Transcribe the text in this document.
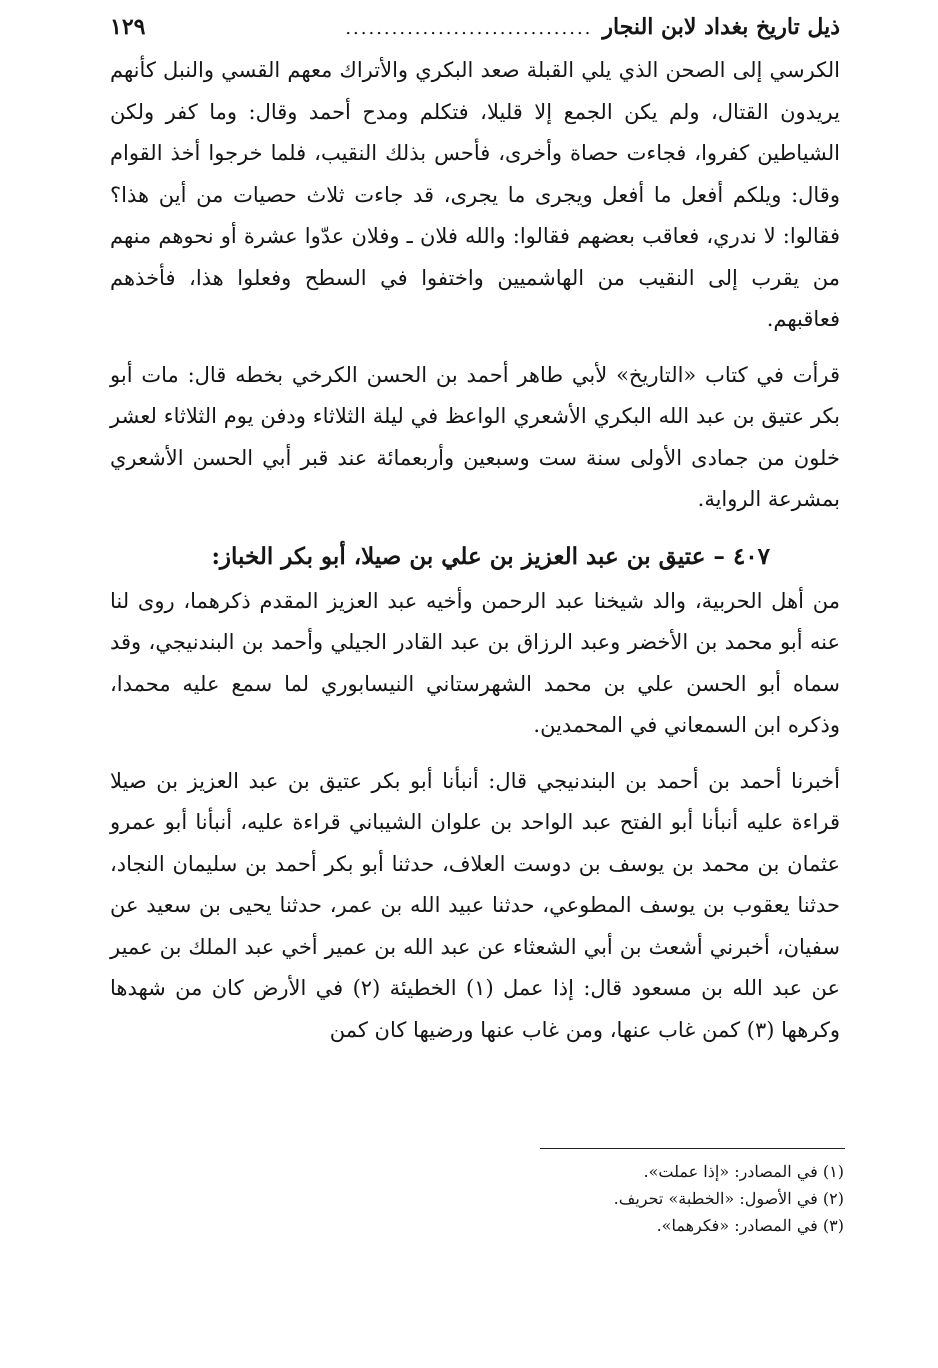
ذيل تاريخ بغداد لابن النجار
................................
١٢٩

الكرسي إلى الصحن الذي يلي القبلة صعد البكري والأتراك معهم القسي والنبل كأنهم يريدون القتال، ولم يكن الجمع إلا قليلا، فتكلم ومدح أحمد وقال: وما كفر ولكن الشياطين كفروا، فجاءت حصاة وأخرى، فأحس بذلك النقيب، فلما خرجوا أخذ القوام وقال: ويلكم أفعل ما أفعل ويجرى ما يجرى، قد جاءت ثلاث حصيات من أين هذا؟ فقالوا: لا ندري، فعاقب بعضهم فقالوا: والله فلان ـ وفلان عدّوا عشرة أو نحوهم منهم من يقرب إلى النقيب من الهاشميين واختفوا في السطح وفعلوا هذا، فأخذهم فعاقبهم.

قرأت في كتاب «التاريخ» لأبي طاهر أحمد بن الحسن الكرخي بخطه قال: مات أبو بكر عتيق بن عبد الله البكري الأشعري الواعظ في ليلة الثلاثاء ودفن يوم الثلاثاء لعشر خلون من جمادى الأولى سنة ست وسبعين وأربعمائة عند قبر أبي الحسن الأشعري بمشرعة الرواية.

٤٠٧ – عتيق بن عبد العزيز بن علي بن صيلا، أبو بكر الخباز:

من أهل الحربية، والد شيخنا عبد الرحمن وأخيه عبد العزيز المقدم ذكرهما، روى لنا عنه أبو محمد بن الأخضر وعبد الرزاق بن عبد القادر الجيلي وأحمد بن البندنيجي، وقد سماه أبو الحسن علي بن محمد الشهرستاني النيسابوري لما سمع عليه محمدا، وذكره ابن السمعاني في المحمدين.

أخبرنا أحمد بن أحمد بن البندنيجي قال: أنبأنا أبو بكر عتيق بن عبد العزيز بن صيلا قراءة عليه أنبأنا أبو الفتح عبد الواحد بن علوان الشيباني قراءة عليه، أنبأنا أبو عمرو عثمان بن محمد بن يوسف بن دوست العلاف، حدثنا أبو بكر أحمد بن سليمان النجاد، حدثنا يعقوب بن يوسف المطوعي، حدثنا عبيد الله بن عمر، حدثنا يحيى بن سعيد عن سفيان، أخبرني أشعث بن أبي الشعثاء عن عبد الله بن عمير أخي عبد الملك بن عمير عن عبد الله بن مسعود قال: إذا عمل (١) الخطيئة (٢) في الأرض كان من شهدها وكرهها (٣) كمن غاب عنها، ومن غاب عنها ورضيها كان كمن

(١) في المصادر: «إذا عملت».
(٢) في الأصول: «الخطبة» تحريف.
(٣) في المصادر: «فكرهما».
